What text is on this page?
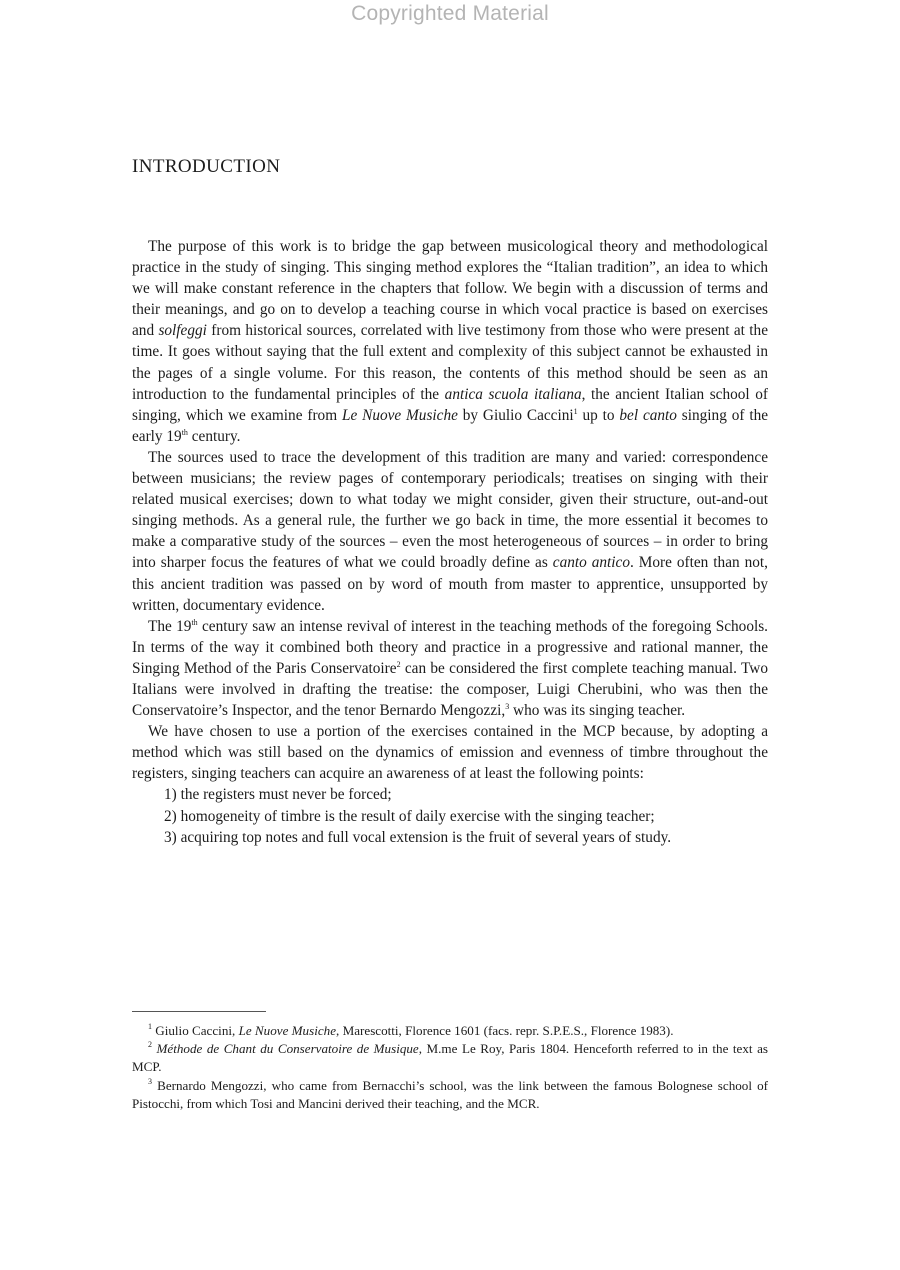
Copyrighted Material
INTRODUCTION

The purpose of this work is to bridge the gap between musicological theory and methodological practice in the study of singing. This singing method explores the “Italian tradition”, an idea to which we will make constant reference in the chapters that follow. We begin with a discussion of terms and their meanings, and go on to develop a teaching course in which vocal practice is based on exercises and solfeggi from historical sources, correlated with live testimony from those who were present at the time. It goes without saying that the full extent and complexity of this subject cannot be exhausted in the pages of a single volume. For this reason, the contents of this method should be seen as an introduction to the fundamental principles of the antica scuola italiana, the ancient Italian school of singing, which we examine from Le Nuove Musiche by Giulio Caccini$^1$ up to bel canto singing of the early 19th century.

The sources used to trace the development of this tradition are many and varied: correspondence between musicians; the review pages of contemporary periodicals; treatises on singing with their related musical exercises; down to what today we might consider, given their structure, out-and-out singing methods. As a general rule, the further we go back in time, the more essential it becomes to make a comparative study of the sources – even the most heterogeneous of sources – in order to bring into sharper focus the features of what we could broadly define as canto antico. More often than not, this ancient tradition was passed on by word of mouth from master to apprentice, unsupported by written, documentary evidence.

The 19th century saw an intense revival of interest in the teaching methods of the foregoing Schools. In terms of the way it combined both theory and practice in a progressive and rational manner, the Singing Method of the Paris Conservatoire$^2$ can be considered the first complete teaching manual. Two Italians were involved in drafting the treatise: the composer, Luigi Cherubini, who was then the Conservatoire’s Inspector, and the tenor Bernardo Mengozzi,$^3$ who was its singing teacher.

We have chosen to use a portion of the exercises contained in the MCP because, by adopting a method which was still based on the dynamics of emission and evenness of timbre throughout the registers, singing teachers can acquire an awareness of at least the following points:

1) the registers must never be forced;

2) homogeneity of timbre is the result of daily exercise with the singing teacher;

3) acquiring top notes and full vocal extension is the fruit of several years of study.

$^1$ Giulio Caccini, Le Nuove Musiche, Marescotti, Florence 1601 (facs. repr. S.P.E.S., Florence 1983).

$^2$ Méthode de Chant du Conservatoire de Musique, M.me Le Roy, Paris 1804. Henceforth referred to in the text as MCP.

$^3$ Bernardo Mengozzi, who came from Bernacchi’s school, was the link between the famous Bolognese school of Pistocchi, from which Tosi and Mancini derived their teaching, and the MCR.
